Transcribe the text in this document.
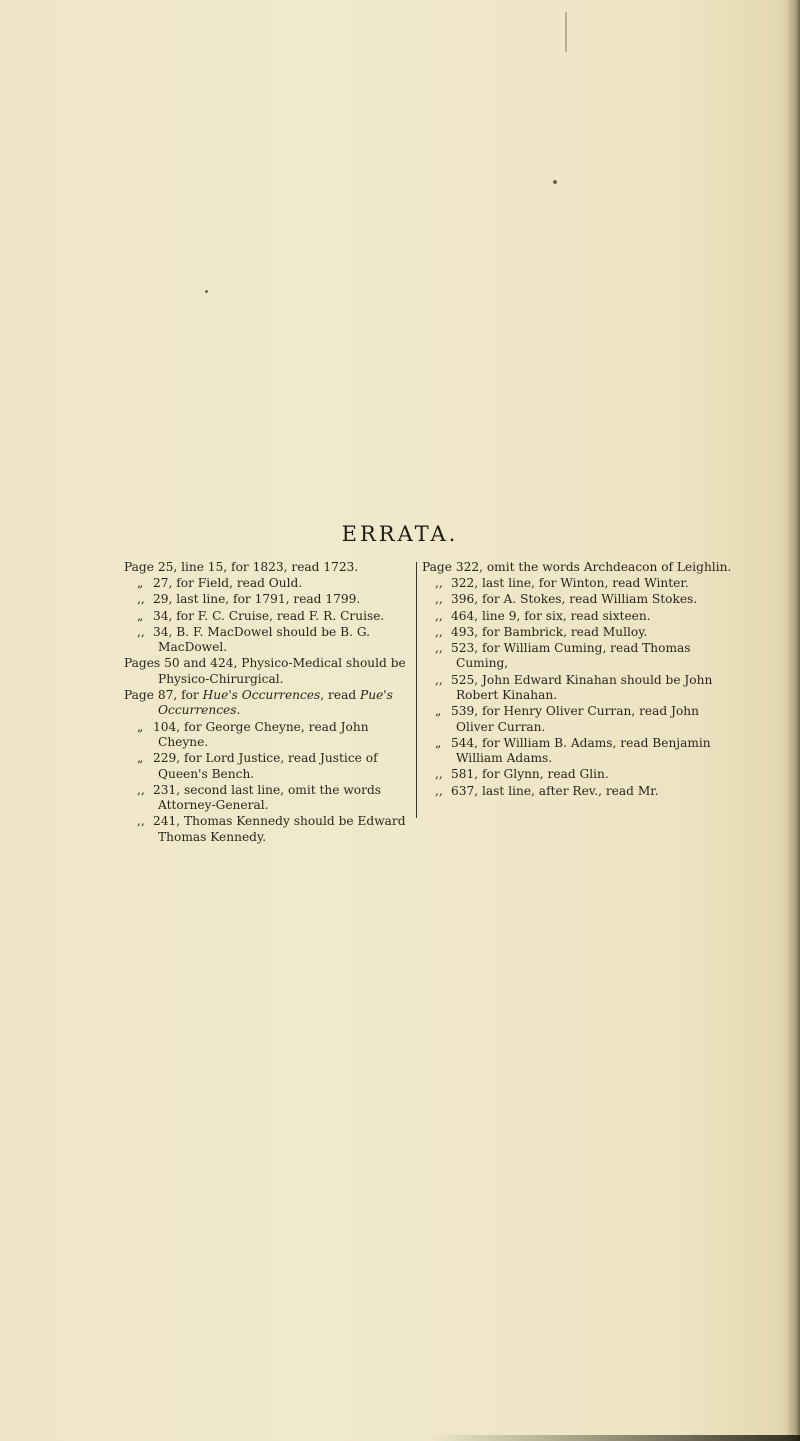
ERRATA.
Page 25, line 15, for 1823, read 1723.
„ 27, for Field, read Ould.
,, 29, last line, for 1791, read 1799.
„ 34, for F. C. Cruise, read F. R. Cruise.
,, 34, B. F. MacDowel should be B. G. MacDowel.
Pages 50 and 424, Physico-Medical should be Physico-Chirurgical.
Page 87, for Hue's Occurrences, read Pue's Occurrences.
„ 104, for George Cheyne, read John Cheyne.
„ 229, for Lord Justice, read Justice of Queen's Bench.
,, 231, second last line, omit the words Attorney-General.
,, 241, Thomas Kennedy should be Edward Thomas Kennedy.
Page 322, omit the words Archdeacon of Leighlin.
,, 322, last line, for Winton, read Winter.
,, 396, for A. Stokes, read William Stokes.
,, 464, line 9, for six, read sixteen.
,, 493, for Bambrick, read Mulloy.
,, 523, for William Cuming, read Thomas Cuming,
,, 525, John Edward Kinahan should be John Robert Kinahan.
„ 539, for Henry Oliver Curran, read John Oliver Curran.
„ 544, for William B. Adams, read Benjamin William Adams.
,, 581, for Glynn, read Glin.
,, 637, last line, after Rev., read Mr.
